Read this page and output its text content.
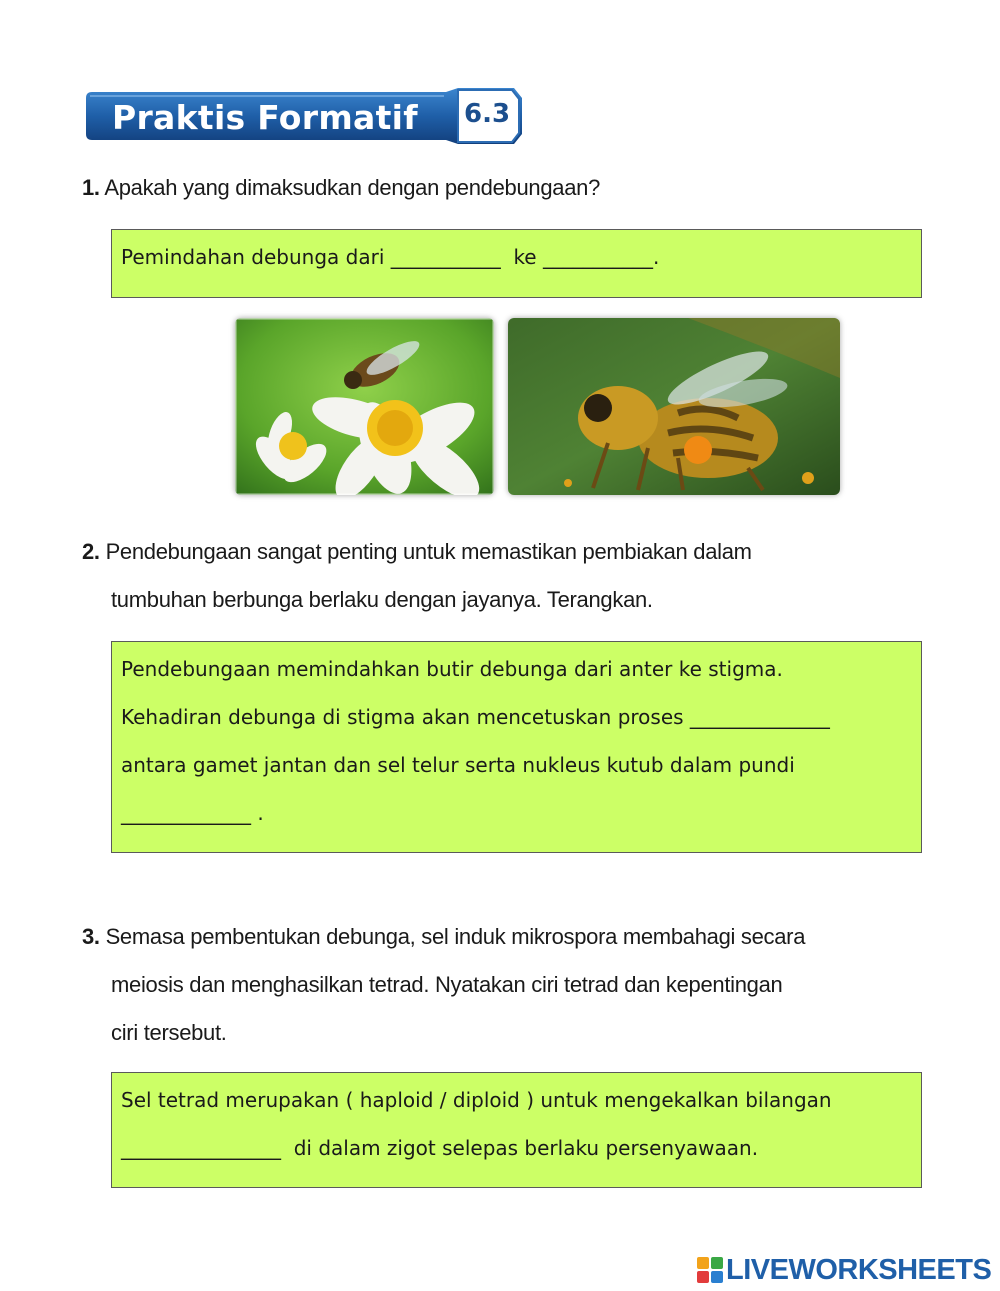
Praktis Formatif 6.3
1. Apakah yang dimaksudkan dengan pendebungaan?
Pemindahan debunga dari ___________  ke ___________.
2. Pendebungaan sangat penting untuk memastikan pembiakan dalam
tumbuhan berbunga berlaku dengan jayanya. Terangkan.
Pendebungaan memindahkan butir debunga dari anter ke stigma.
Kehadiran debunga di stigma akan mencetuskan proses ______________
antara gamet jantan dan sel telur serta nukleus kutub dalam pundi
_____________ .
3. Semasa pembentukan debunga, sel induk mikrospora membahagi secara
meiosis dan menghasilkan tetrad. Nyatakan ciri tetrad dan kepentingan
ciri tersebut.
Sel tetrad merupakan ( haploid / diploid ) untuk mengekalkan bilangan
________________  di dalam zigot selepas berlaku persenyawaan.
LIVEWORKSHEETS
